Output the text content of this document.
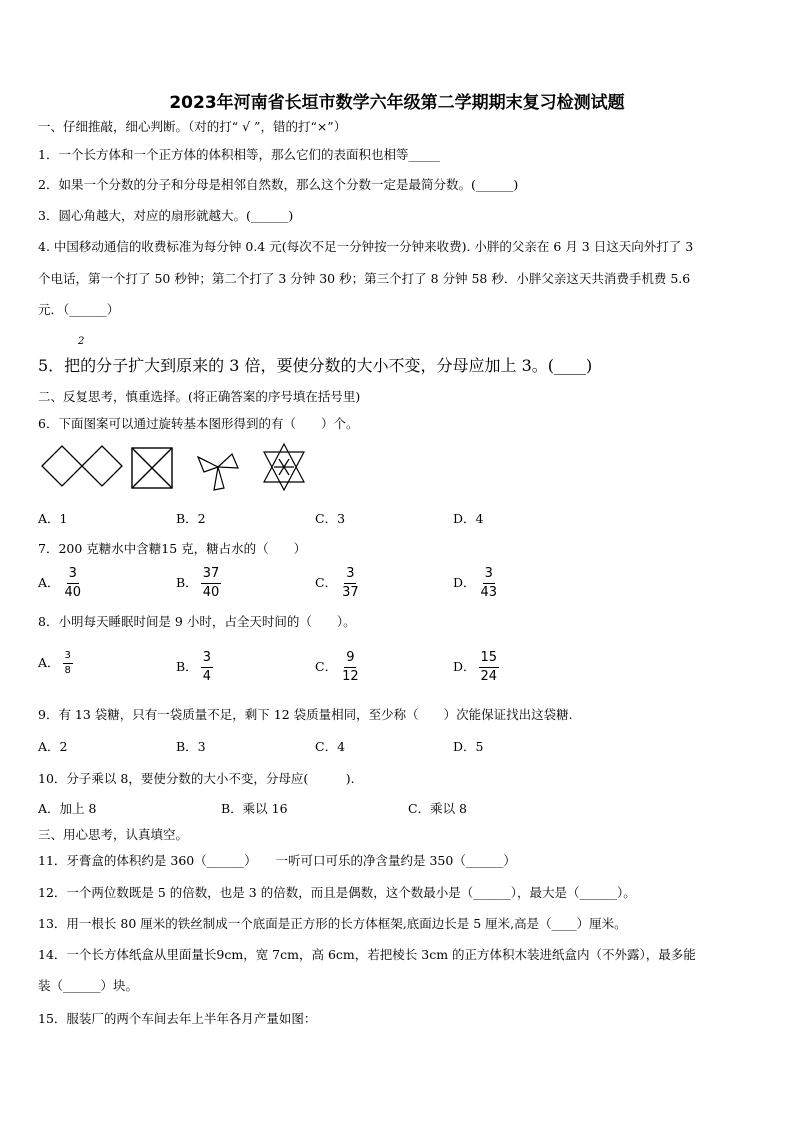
2023年河南省长垣市数学六年级第二学期期末复习检测试题
一、仔细推敲，细心判断。（对的打“ √ ”，错的打“×”）
1．一个长方体和一个正方体的体积相等，那么它们的表面积也相等_____
2．如果一个分数的分子和分母是相邻自然数，那么这个分数一定是最简分数。(______)
3．圆心角越大，对应的扇形就越大。(______)
4. 中国移动通信的收费标准为每分钟 0.4 元(每次不足一分钟按一分钟来收费). 小胖的父亲在 6 月 3 日这天向外打了 3
个电话，第一个打了 50 秒钟；第二个打了 3 分钟 30 秒；第三个打了 8 分钟 58 秒．小胖父亲这天共消费手机费 5.6
元．（______）
2
5．把的分子扩大到原来的 3 倍，要使分数的大小不变，分母应加上 3。(____)
二、反复思考，慎重选择。(将正确答案的序号填在括号里)
6．下面图案可以通过旋转基本图形得到的有（　　）个。
A．1	B．2	C．3	D．4
7．200 克糖水中含糖15 克，糖占水的（　　）
A． $\frac{3}{40}$	B． $\frac{37}{40}$	C． $\frac{3}{37}$	D． $\frac{3}{43}$
8．小明每天睡眠时间是 9 小时，占全天时间的（　　）。
A． $\frac{3}{8}$	B． $\frac{3}{4}$	C． $\frac{9}{12}$	D． $\frac{15}{24}$
9．有 13 袋糖，只有一袋质量不足，剩下 12 袋质量相同，至少称（　　）次能保证找出这袋糖.
A．2	B．3	C．4	D．5
10．分子乘以 8，要使分数的大小不变，分母应(　　　).
A．加上 8	B．乘以 16	C．乘以 8
三、用心思考，认真填空。
11．牙膏盒的体积约是 360（______）　　一听可口可乐的净含量约是 350（______）
12．一个两位数既是 5 的倍数，也是 3 的倍数，而且是偶数，这个数最小是（______），最大是（______）。
13．用一根长 80 厘米的铁丝制成一个底面是正方形的长方体框架,底面边长是 5 厘米,高是（____）厘米。
14．一个长方体纸盒从里面量长9cm，宽 7cm，高 6cm，若把棱长 3cm 的正方体积木装进纸盒内（不外露），最多能
装（______）块。
15．服装厂的两个车间去年上半年各月产量如图：
